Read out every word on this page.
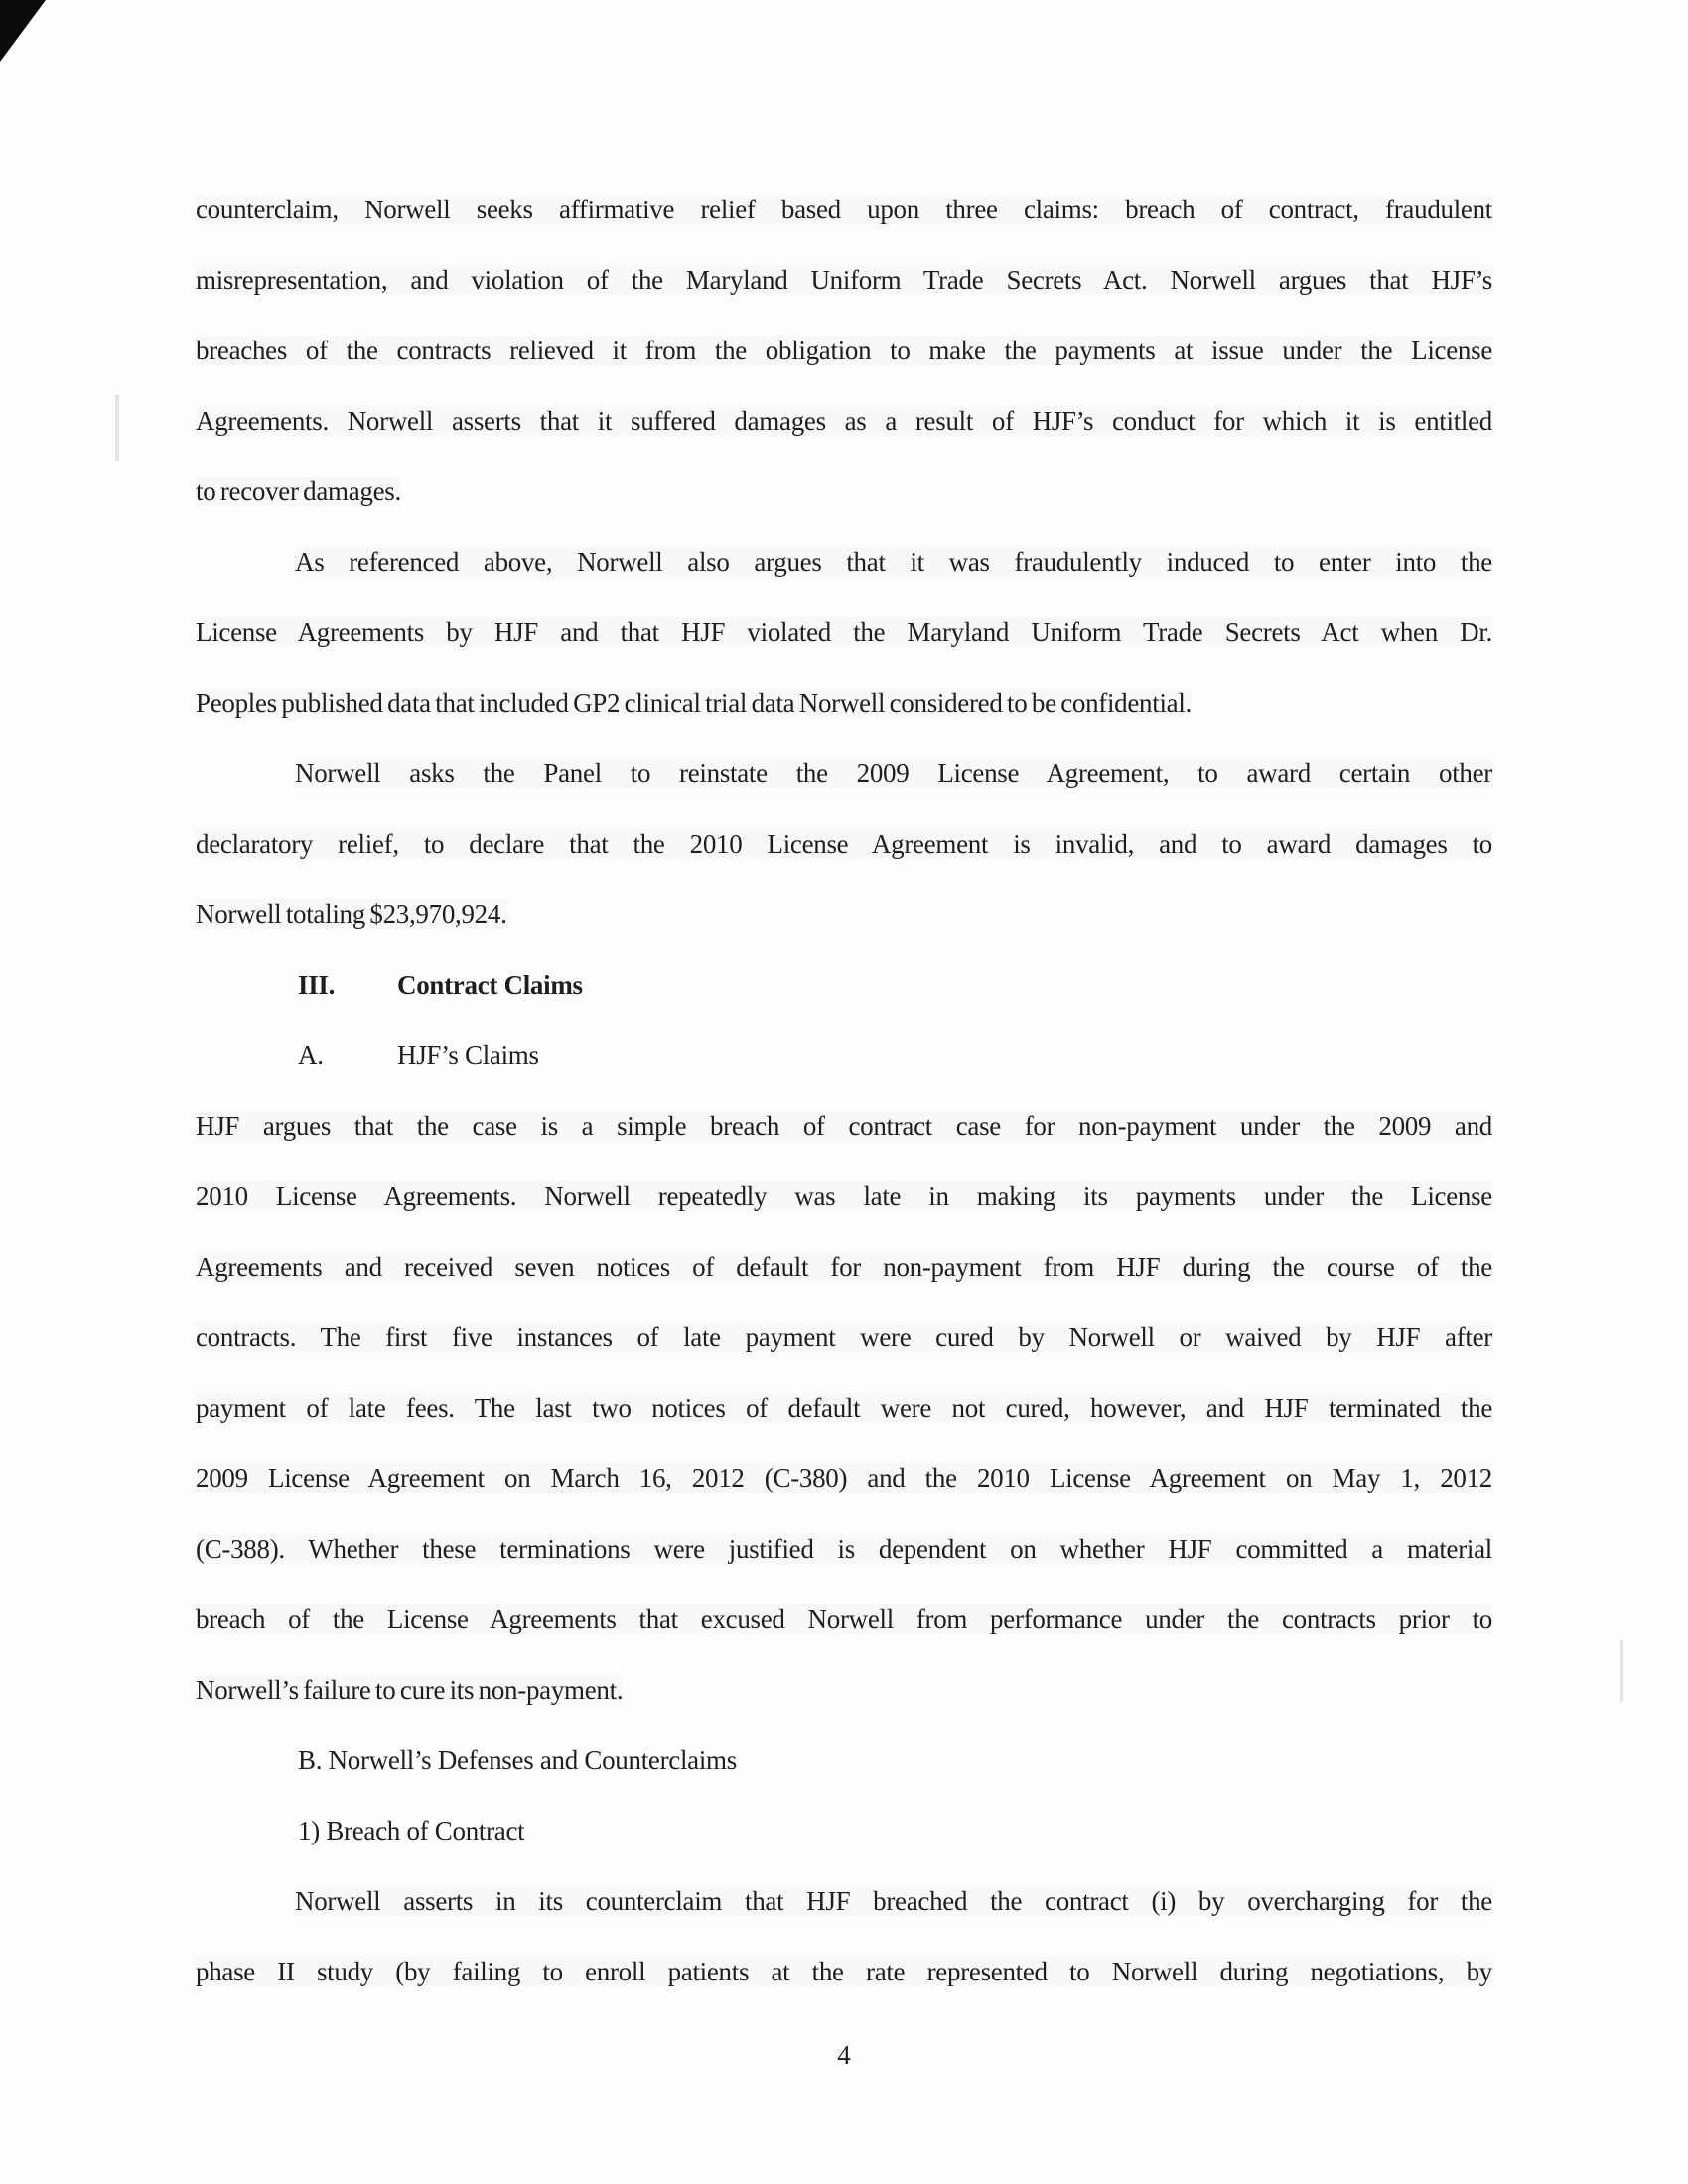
counterclaim, Norwell seeks affirmative relief based upon three claims: breach of contract, fraudulent
misrepresentation, and violation of the Maryland Uniform Trade Secrets Act. Norwell argues that HJF’s
breaches of the contracts relieved it from the obligation to make the payments at issue under the License
Agreements. Norwell asserts that it suffered damages as a result of HJF’s conduct for which it is entitled
to recover damages.
As referenced above, Norwell also argues that it was fraudulently induced to enter into the
License Agreements by HJF and that HJF violated the Maryland Uniform Trade Secrets Act when Dr.
Peoples published data that included GP2 clinical trial data Norwell considered to be confidential.
Norwell asks the Panel to reinstate the 2009 License Agreement, to award certain other
declaratory relief, to declare that the 2010 License Agreement is invalid, and to award damages to
Norwell totaling $23,970,924.
III. Contract Claims
A.	HJF’s Claims
HJF argues that the case is a simple breach of contract case for non-payment under the 2009 and
2010 License Agreements. Norwell repeatedly was late in making its payments under the License
Agreements and received seven notices of default for non-payment from HJF during the course of the
contracts. The first five instances of late payment were cured by Norwell or waived by HJF after
payment of late fees. The last two notices of default were not cured, however, and HJF terminated the
2009 License Agreement on March 16, 2012 (C-380) and the 2010 License Agreement on May 1, 2012
(C-388). Whether these terminations were justified is dependent on whether HJF committed a material
breach of the License Agreements that excused Norwell from performance under the contracts prior to
Norwell’s failure to cure its non-payment.
B. Norwell’s Defenses and Counterclaims
1) Breach of Contract
Norwell asserts in its counterclaim that HJF breached the contract (i) by overcharging for the
phase II study (by failing to enroll patients at the rate represented to Norwell during negotiations, by
4
